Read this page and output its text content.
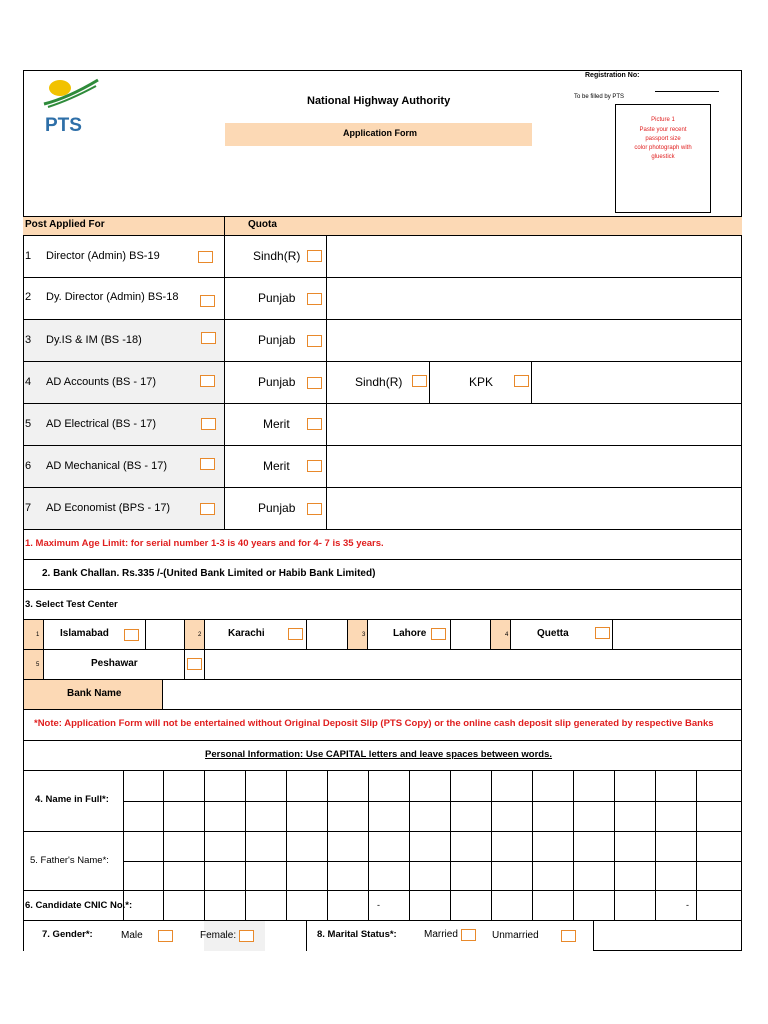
PTS
National Highway Authority
Application Form
Registration No:
To be filled by PTS
Picture 1
Paste your recent
passport size
color photograph with
gluestick
Post Applied For	Quota
1 Director (Admin) BS-19	Sindh(R)
2 Dy. Director (Admin) BS-18	Punjab
3 Dy.IS & IM (BS -18)	Punjab
4 AD Accounts (BS - 17)	Punjab	Sindh(R)	KPK
5 AD Electrical (BS - 17)	Merit
6 AD Mechanical (BS - 17)	Merit
7 AD Economist (BPS - 17)	Punjab
1. Maximum Age Limit: for serial number 1-3 is 40 years and for 4- 7 is 35 years.
2. Bank Challan. Rs.335 /-(United Bank Limited or Habib Bank Limited)
3. Select Test Center
1 Islamabad	2	Karachi	3	Lahore	4	Quetta
5	Peshawar
Bank Name
*Note: Application Form will not be entertained without Original Deposit Slip (PTS Copy) or the online cash deposit slip generated by respective Banks
Personal Information: Use CAPITAL letters and leave spaces between words.
4. Name in Full*:
5. Father's Name*:
6. Candidate CNIC No.*:	-	-
7. Gender*:	Male	Female:	8. Marital Status*:	Married	Unmarried
